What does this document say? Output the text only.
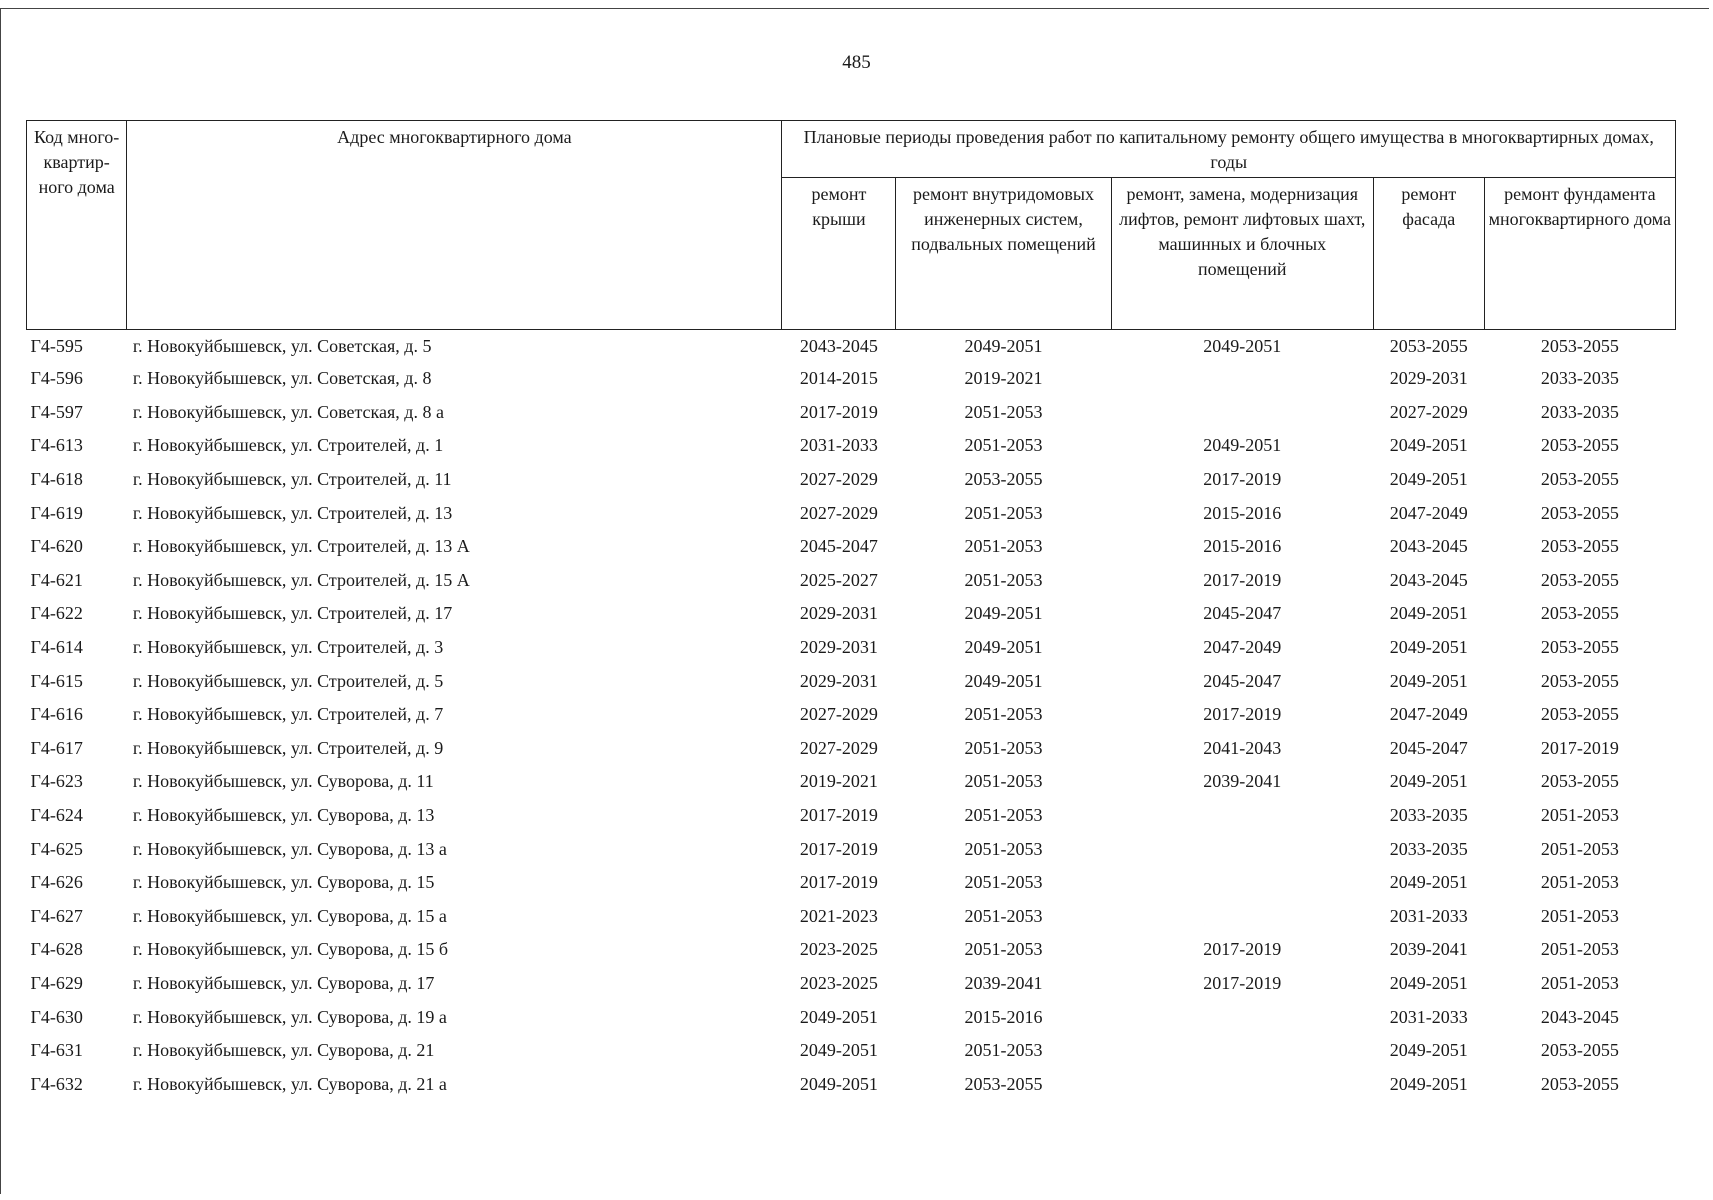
485
Код много-квартир-ного дома	Адрес многоквартирного дома	Плановые периоды проведения работ по капитальному ремонту общего имущества в многоквартирных домах, годы				
		ремонт крыши	ремонт внутридомовых инженерных систем, подвальных помещений	ремонт, замена, модернизация лифтов, ремонт лифтовых шахт, машинных и блочных помещений	ремонт фасада	ремонт фундамента многоквартирного дома
Г4-595	г. Новокуйбышевск, ул. Советская, д. 5	2043-2045	2049-2051	2049-2051	2053-2055	2053-2055
Г4-596	г. Новокуйбышевск, ул. Советская, д. 8	2014-2015	2019-2021		2029-2031	2033-2035
Г4-597	г. Новокуйбышевск, ул. Советская, д. 8 а	2017-2019	2051-2053		2027-2029	2033-2035
Г4-613	г. Новокуйбышевск, ул. Строителей, д. 1	2031-2033	2051-2053	2049-2051	2049-2051	2053-2055
Г4-618	г. Новокуйбышевск, ул. Строителей, д. 11	2027-2029	2053-2055	2017-2019	2049-2051	2053-2055
Г4-619	г. Новокуйбышевск, ул. Строителей, д. 13	2027-2029	2051-2053	2015-2016	2047-2049	2053-2055
Г4-620	г. Новокуйбышевск, ул. Строителей, д. 13 А	2045-2047	2051-2053	2015-2016	2043-2045	2053-2055
Г4-621	г. Новокуйбышевск, ул. Строителей, д. 15 А	2025-2027	2051-2053	2017-2019	2043-2045	2053-2055
Г4-622	г. Новокуйбышевск, ул. Строителей, д. 17	2029-2031	2049-2051	2045-2047	2049-2051	2053-2055
Г4-614	г. Новокуйбышевск, ул. Строителей, д. 3	2029-2031	2049-2051	2047-2049	2049-2051	2053-2055
Г4-615	г. Новокуйбышевск, ул. Строителей, д. 5	2029-2031	2049-2051	2045-2047	2049-2051	2053-2055
Г4-616	г. Новокуйбышевск, ул. Строителей, д. 7	2027-2029	2051-2053	2017-2019	2047-2049	2053-2055
Г4-617	г. Новокуйбышевск, ул. Строителей, д. 9	2027-2029	2051-2053	2041-2043	2045-2047	2017-2019
Г4-623	г. Новокуйбышевск, ул. Суворова, д. 11	2019-2021	2051-2053	2039-2041	2049-2051	2053-2055
Г4-624	г. Новокуйбышевск, ул. Суворова, д. 13	2017-2019	2051-2053		2033-2035	2051-2053
Г4-625	г. Новокуйбышевск, ул. Суворова, д. 13 а	2017-2019	2051-2053		2033-2035	2051-2053
Г4-626	г. Новокуйбышевск, ул. Суворова, д. 15	2017-2019	2051-2053		2049-2051	2051-2053
Г4-627	г. Новокуйбышевск, ул. Суворова, д. 15 а	2021-2023	2051-2053		2031-2033	2051-2053
Г4-628	г. Новокуйбышевск, ул. Суворова, д. 15 б	2023-2025	2051-2053	2017-2019	2039-2041	2051-2053
Г4-629	г. Новокуйбышевск, ул. Суворова, д. 17	2023-2025	2039-2041	2017-2019	2049-2051	2051-2053
Г4-630	г. Новокуйбышевск, ул. Суворова, д. 19 а	2049-2051	2015-2016		2031-2033	2043-2045
Г4-631	г. Новокуйбышевск, ул. Суворова, д. 21	2049-2051	2051-2053		2049-2051	2053-2055
Г4-632	г. Новокуйбышевск, ул. Суворова, д. 21 а	2049-2051	2053-2055		2049-2051	2053-2055
